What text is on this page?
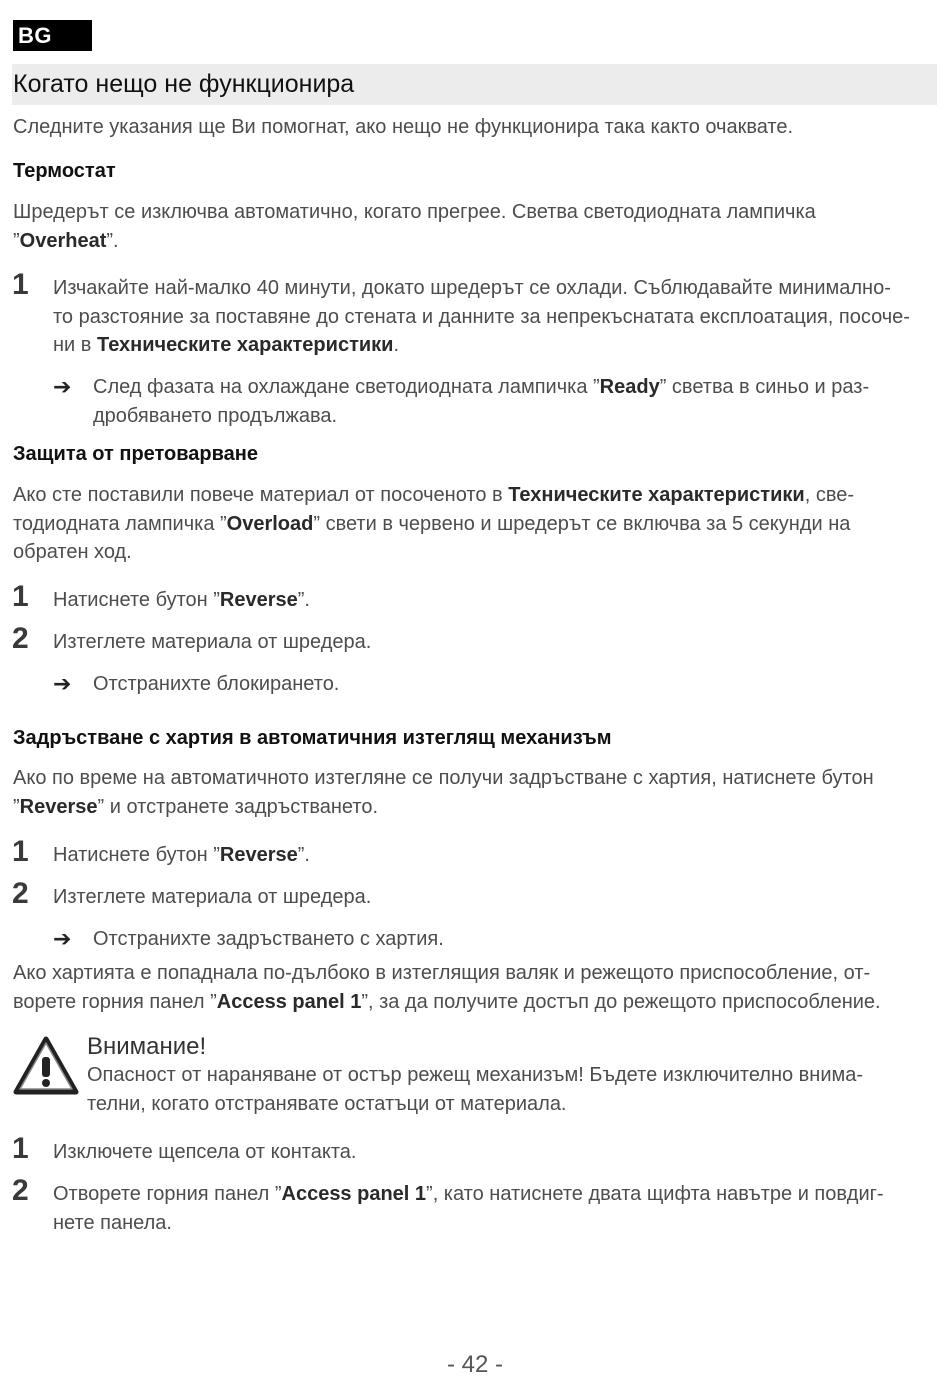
BG
Когато нещо не функционира
Следните указания ще Ви помогнат, ако нещо не функционира така както очаквате.
Термостат
Шредерът се изключва автоматично, когато прегрее. Светва светодиодната лампичка
”Overheat”.
1 Изчакайте най-малко 40 минути, докато шредерът се охлади. Съблюдавайте минимално-
то разстояние за поставяне до стената и данните за непрекъснатата експлоатация, посоче-
ни в Техническите характеристики.
➔ След фазата на охлаждане светодиодната лампичка ”Ready” светва в синьо и раз-
дробяването продължава.
Защита от претоварване
Ако сте поставили повече материал от посоченото в Техническите характеристики, све-
тодиодната лампичка ”Overload” свети в червено и шредерът се включва за 5 секунди на
обратен ход.
1 Натиснете бутон ”Reverse”.
2 Изтеглете материала от шредера.
➔ Отстранихте блокирането.
Задръстване с хартия в автоматичния изтеглящ механизъм
Ако по време на автоматичното изтегляне се получи задръстване с хартия, натиснете бутон
”Reverse” и отстранете задръстването.
1 Натиснете бутон ”Reverse”.
2 Изтеглете материала от шредера.
➔ Отстранихте задръстването с хартия.
Ако хартията е попаднала по-дълбоко в изтеглящия валяк и режещото приспособление, от-
ворете горния панел ”Access panel 1”, за да получите достъп до режещото приспособление.
Внимание!
Опасност от нараняване от остър режещ механизъм! Бъдете изключително внима-
телни, когато отстранявате остатъци от материала.
1 Изключете щепсела от контакта.
2 Отворете горния панел ”Access panel 1”, като натиснете двата щифта навътре и повдиг-
нете панела.
- 42 -
